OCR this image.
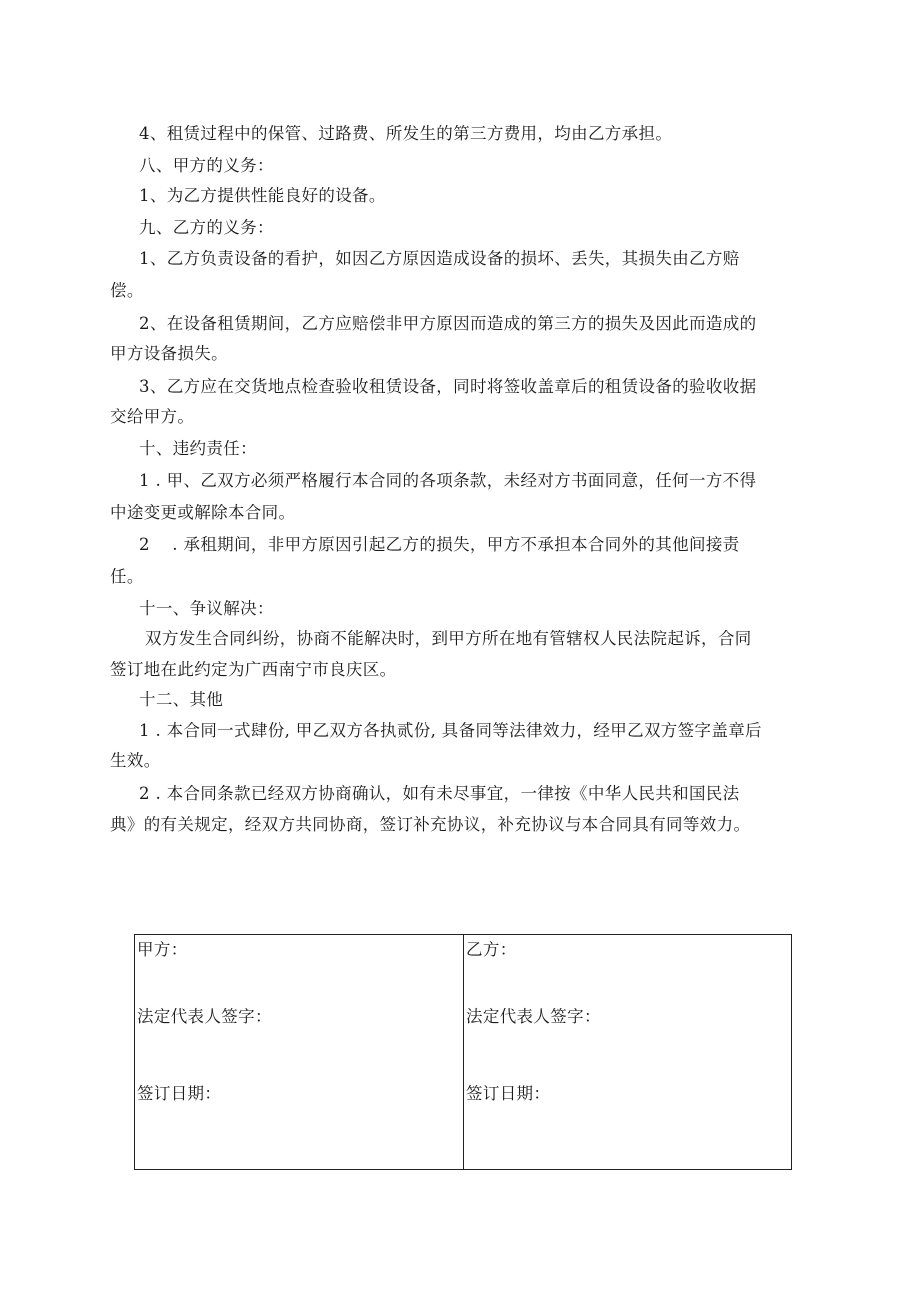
4、租赁过程中的保管、过路费、所发生的第三方费用，均由乙方承担。
八、甲方的义务：
1、为乙方提供性能良好的设备。
九、乙方的义务：
1、乙方负责设备的看护，如因乙方原因造成设备的损坏、丢失，其损失由乙方赔
偿。
2、在设备租赁期间，乙方应赔偿非甲方原因而造成的第三方的损失及因此而造成的
甲方设备损失。
3、乙方应在交货地点检查验收租赁设备，同时将签收盖章后的租赁设备的验收收据
交给甲方。
十、违约责任：
1 . 甲、乙双方必须严格履行本合同的各项条款，未经对方书面同意，任何一方不得
中途变更或解除本合同。
2　 . 承租期间，非甲方原因引起乙方的损失，甲方不承担本合同外的其他间接责
任。
十一、争议解决：
双方发生合同纠纷，协商不能解决时，到甲方所在地有管辖权人民法院起诉，合同
签订地在此约定为广西南宁市良庆区。
十二、其他
1 . 本合同一式肆份, 甲乙双方各执贰份, 具备同等法律效力，经甲乙双方签字盖章后
生效。
2 . 本合同条款已经双方协商确认，如有未尽事宜，一律按《中华人民共和国民法
典》的有关规定，经双方共同协商，签订补充协议，补充协议与本合同具有同等效力。
甲方：
法定代表人签字：
签订日期：
乙方：
法定代表人签字：
签订日期：
